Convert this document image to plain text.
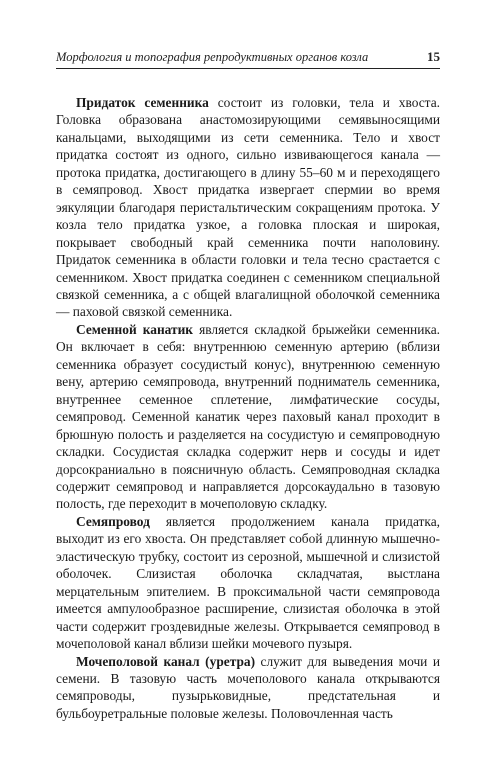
Морфология и топография репродуктивных органов козла	15

Придаток семенника состоит из головки, тела и хвоста. Головка образована анастомозирующими семявыносящими канальцами, выходящими из сети семенника. Тело и хвост придатка состоят из одного, сильно извивающегося канала — протока придатка, достигающего в длину 55–60 м и переходящего в семяпровод. Хвост придатка извергает спермии во время эякуляции благодаря перистальтическим сокращениям протока. У козла тело придатка узкое, а головка плоская и широкая, покрывает свободный край семенника почти наполовину. Придаток семенника в области головки и тела тесно срастается с семенником. Хвост придатка соединен с семенником специальной связкой семенника, а с общей влагалищной оболочкой семенника — паховой связкой семенника.

Семенной канатик является складкой брыжейки семенника. Он включает в себя: внутреннюю семенную артерию (вблизи семенника образует сосудистый конус), внутреннюю семенную вену, артерию семяпровода, внутренний подниматель семенника, внутреннее семенное сплетение, лимфатические сосуды, семяпровод. Семенной канатик через паховый канал проходит в брюшную полость и разделяется на сосудистую и семяпроводную складки. Сосудистая складка содержит нерв и сосуды и идет дорсокраниально в поясничную область. Семяпроводная складка содержит семяпровод и направляется дорсокаудально в тазовую полость, где переходит в мочеполовую складку.

Семяпровод является продолжением канала придатка, выходит из его хвоста. Он представляет собой длинную мышечно-эластическую трубку, состоит из серозной, мышечной и слизистой оболочек. Слизистая оболочка складчатая, выстлана мерцательным эпителием. В проксимальной части семяпровода имеется ампулообразное расширение, слизистая оболочка в этой части содержит гроздевидные железы. Открывается семяпровод в мочеполовой канал вблизи шейки мочевого пузыря.

Мочеполовой канал (уретра) служит для выведения мочи и семени. В тазовую часть мочеполового канала открываются семяпроводы, пузырьковидные, предстательная и бульбоуретральные половые железы. Половочленная часть
